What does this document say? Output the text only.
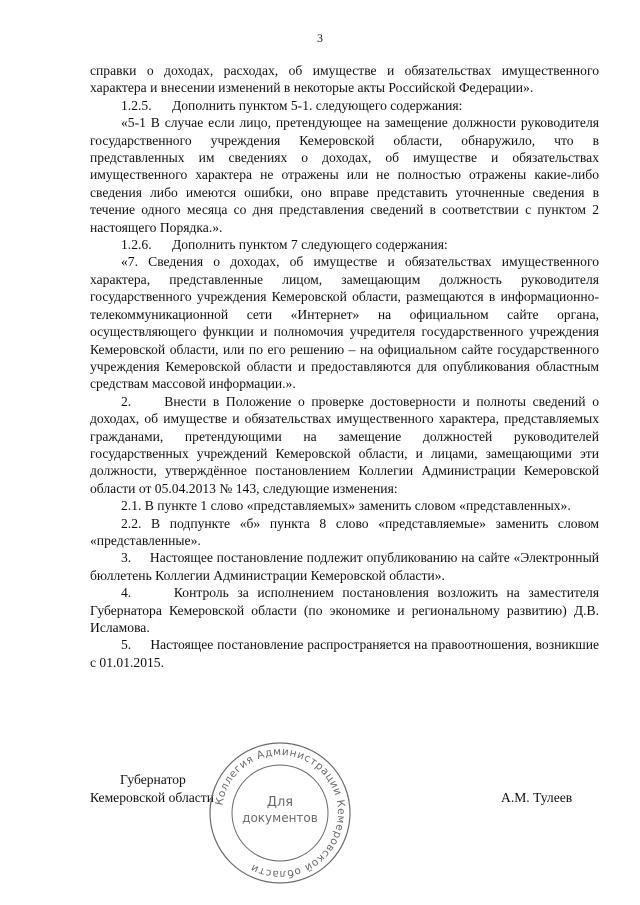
3

справки о доходах, расходах, об имуществе и обязательствах имущественного характера и внесении изменений в некоторые акты Российской Федерации».

1.2.5.      Дополнить пунктом 5-1. следующего содержания:

«5-1 В случае если лицо, претендующее на замещение должности руководителя государственного учреждения Кемеровской области, обнаружило, что в представленных им сведениях о доходах, об имуществе и обязательствах имущественного характера не отражены или не полностью отражены какие-либо сведения либо имеются ошибки, оно вправе представить уточненные сведения в течение одного месяца со дня представления сведений в соответствии с пунктом 2 настоящего Порядка.».

1.2.6.      Дополнить пунктом 7 следующего содержания:

«7. Сведения о доходах, об имуществе и обязательствах имущественного характера, представленные лицом, замещающим должность руководителя государственного учреждения Кемеровской области, размещаются в информационно-телекоммуникационной сети «Интернет» на официальном сайте органа, осуществляющего функции и полномочия учредителя государственного учреждения Кемеровской области, или по его решению – на официальном сайте государственного учреждения Кемеровской области и предоставляются для опубликования областным средствам массовой информации.».

2.     Внести в Положение о проверке достоверности и полноты сведений о доходах, об имуществе и обязательствах имущественного характера, представляемых гражданами, претендующими на замещение должностей руководителей государственных учреждений Кемеровской области, и лицами, замещающими эти должности, утверждённое постановлением Коллегии Администрации Кемеровской области от 05.04.2013 № 143, следующие изменения:

2.1. В пункте 1 слово «представляемых» заменить словом «представленных».

2.2. В подпункте «б» пункта 8 слово «представляемые» заменить словом «представленные».

3.     Настоящее постановление подлежит опубликованию на сайте «Электронный бюллетень Коллегии Администрации Кемеровской области».

4.     Контроль за исполнением постановления возложить на заместителя Губернатора Кемеровской области (по экономике и региональному развитию) Д.В. Исламова.

5.     Настоящее постановление распространяется на правоотношения, возникшие с 01.01.2015.

Губернатор
Кемеровской области	А.М. Тулеев
Коллегия Администрации Кемеровской области
Для
документов
